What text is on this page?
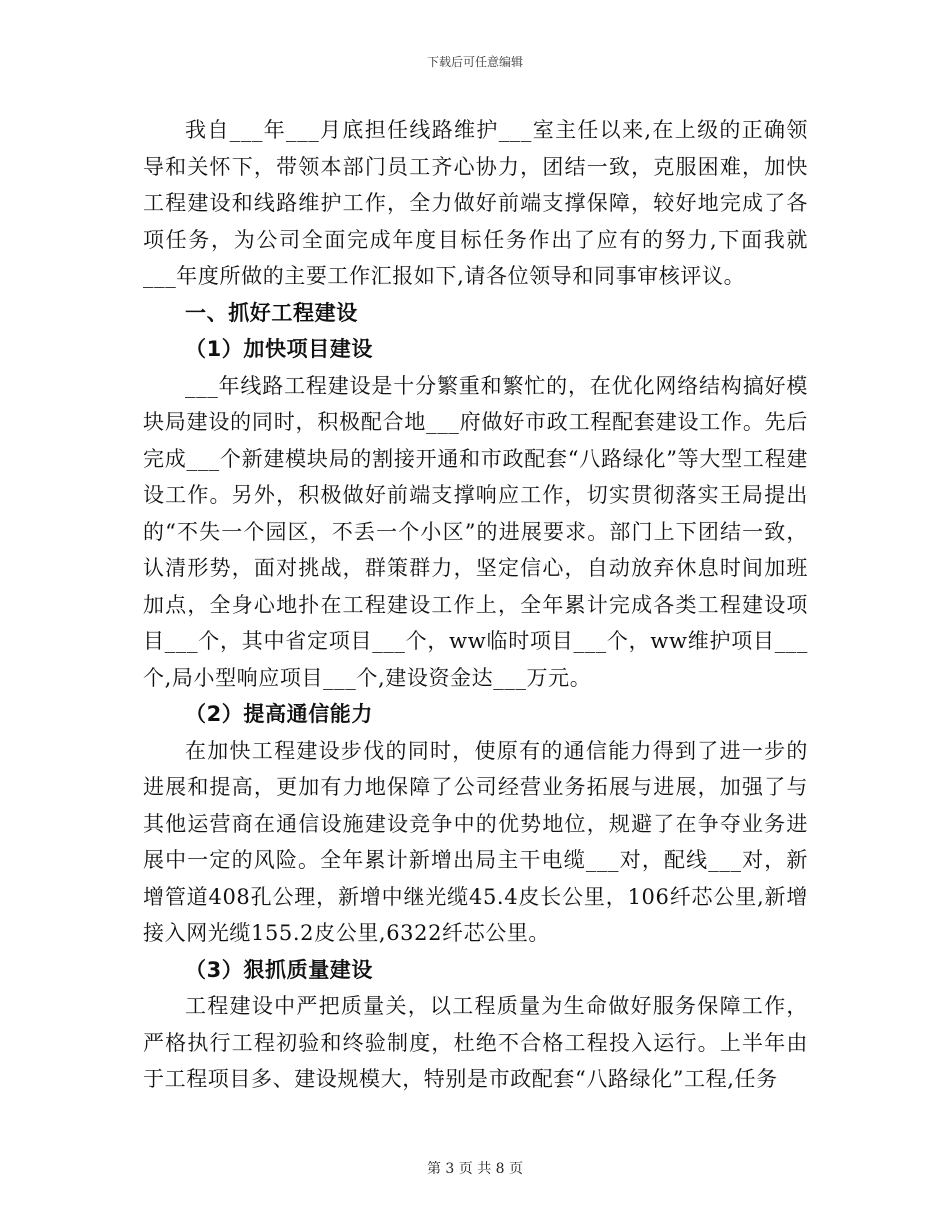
下载后可任意编辑

我自___年___月底担任线路维护___室主任以来,在上级的正确领导和关怀下，带领本部门员工齐心协力，团结一致，克服困难，加快工程建设和线路维护工作，全力做好前端支撑保障，较好地完成了各项任务，为公司全面完成年度目标任务作出了应有的努力,下面我就___年度所做的主要工作汇报如下,请各位领导和同事审核评议。

一、抓好工程建设
（1）加快项目建设

___年线路工程建设是十分繁重和繁忙的，在优化网络结构搞好模块局建设的同时，积极配合地___府做好市政工程配套建设工作。先后完成___个新建模块局的割接开通和市政配套“八路绿化”等大型工程建设工作。另外，积极做好前端支撑响应工作，切实贯彻落实王局提出的“不失一个园区，不丢一个小区”的进展要求。部门上下团结一致，认清形势，面对挑战，群策群力，坚定信心，自动放弃休息时间加班加点，全身心地扑在工程建设工作上，全年累计完成各类工程建设项目___个，其中省定项目___个，ww临时项目___个，ww维护项目___个,局小型响应项目___个,建设资金达___万元。

（2）提高通信能力

在加快工程建设步伐的同时，使原有的通信能力得到了进一步的进展和提高，更加有力地保障了公司经营业务拓展与进展，加强了与其他运营商在通信设施建设竞争中的优势地位，规避了在争夺业务进展中一定的风险。全年累计新增出局主干电缆___对，配线___对，新增管道408孔公理，新增中继光缆45.4皮长公里，106纤芯公里,新增接入网光缆155.2皮公里,6322纤芯公里。

（3）狠抓质量建设

工程建设中严把质量关，以工程质量为生命做好服务保障工作，严格执行工程初验和终验制度，杜绝不合格工程投入运行。上半年由于工程项目多、建设规模大，特别是市政配套“八路绿化”工程,任务

第 3 页 共 8 页
